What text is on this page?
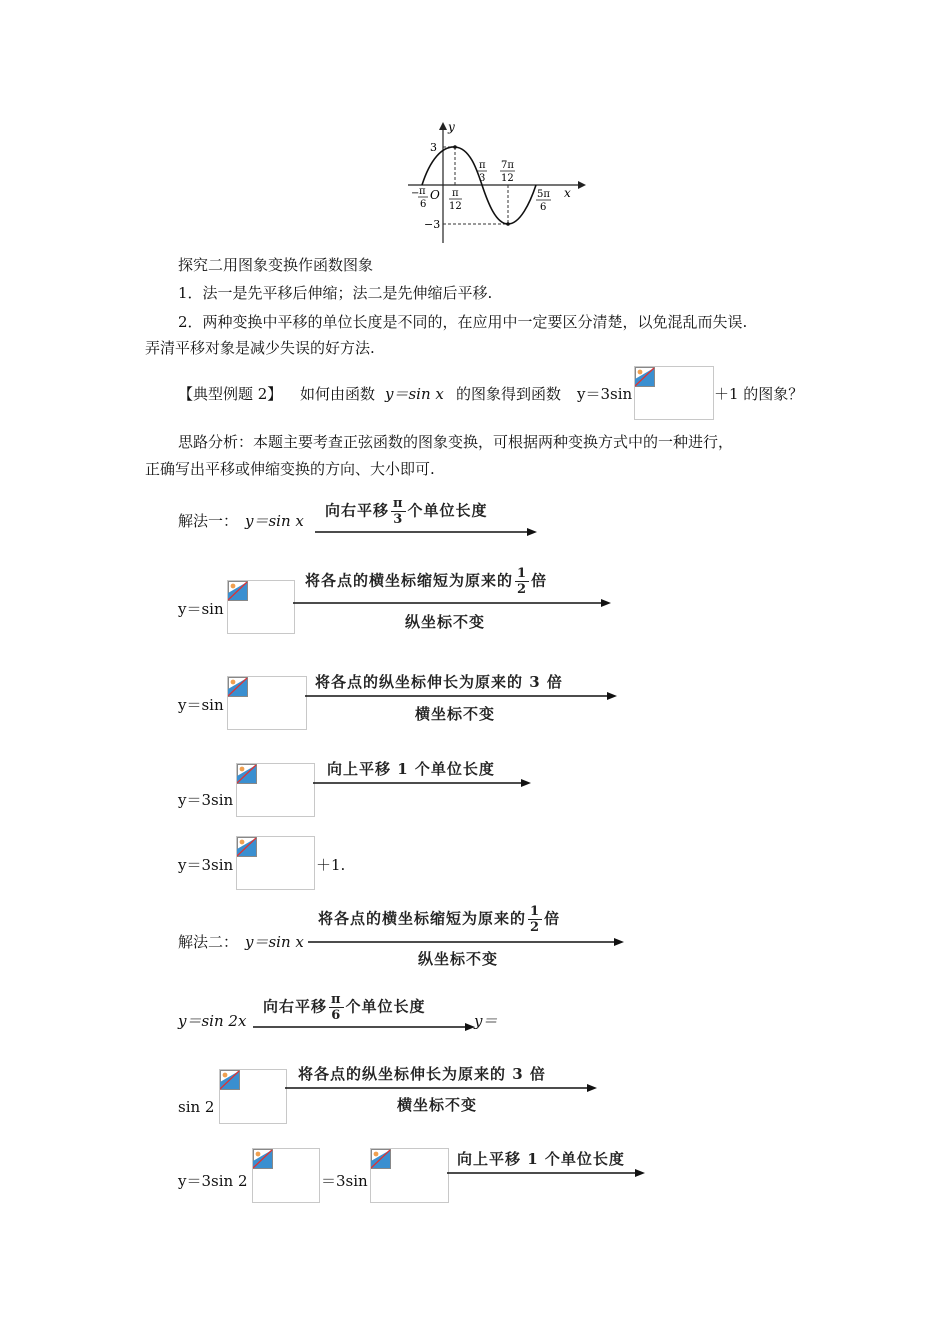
y
x
O
3
−3
− π
6
π
12
π
3
7π
12
5π
6
探究二用图象变换作函数图象
1．法一是先平移后伸缩；法二是先伸缩后平移.
2．两种变换中平移的单位长度是不同的，在应用中一定要区分清楚，以免混乱而失误.
弄清平移对象是减少失误的好方法.
【典型例题 2】 如何由函数 y＝sin x 的图象得到函数 y＝3sin	＋1 的图象？
思路分析：本题主要考查正弦函数的图象变换，可根据两种变换方式中的一种进行，
正确写出平移或伸缩变换的方向、大小即可.
解法一： y＝sin x
向右平移 $\frac{\pi}{3}$ 个单位长度
y＝sin
将各点的横坐标缩短为原来的 $\frac{1}{2}$ 倍
纵坐标不变
y＝sin
将各点的纵坐标伸长为原来的 3 倍
横坐标不变
y＝3sin
向上平移 1 个单位长度
y＝3sin	＋1.
解法二： y＝sin x
将各点的横坐标缩短为原来的 $\frac{1}{2}$ 倍
纵坐标不变
y＝sin 2x
向右平移 $\frac{\pi}{6}$ 个单位长度
y＝
sin 2
将各点的纵坐标伸长为原来的 3 倍
横坐标不变
y＝3sin 2	＝3sin
向上平移 1 个单位长度
